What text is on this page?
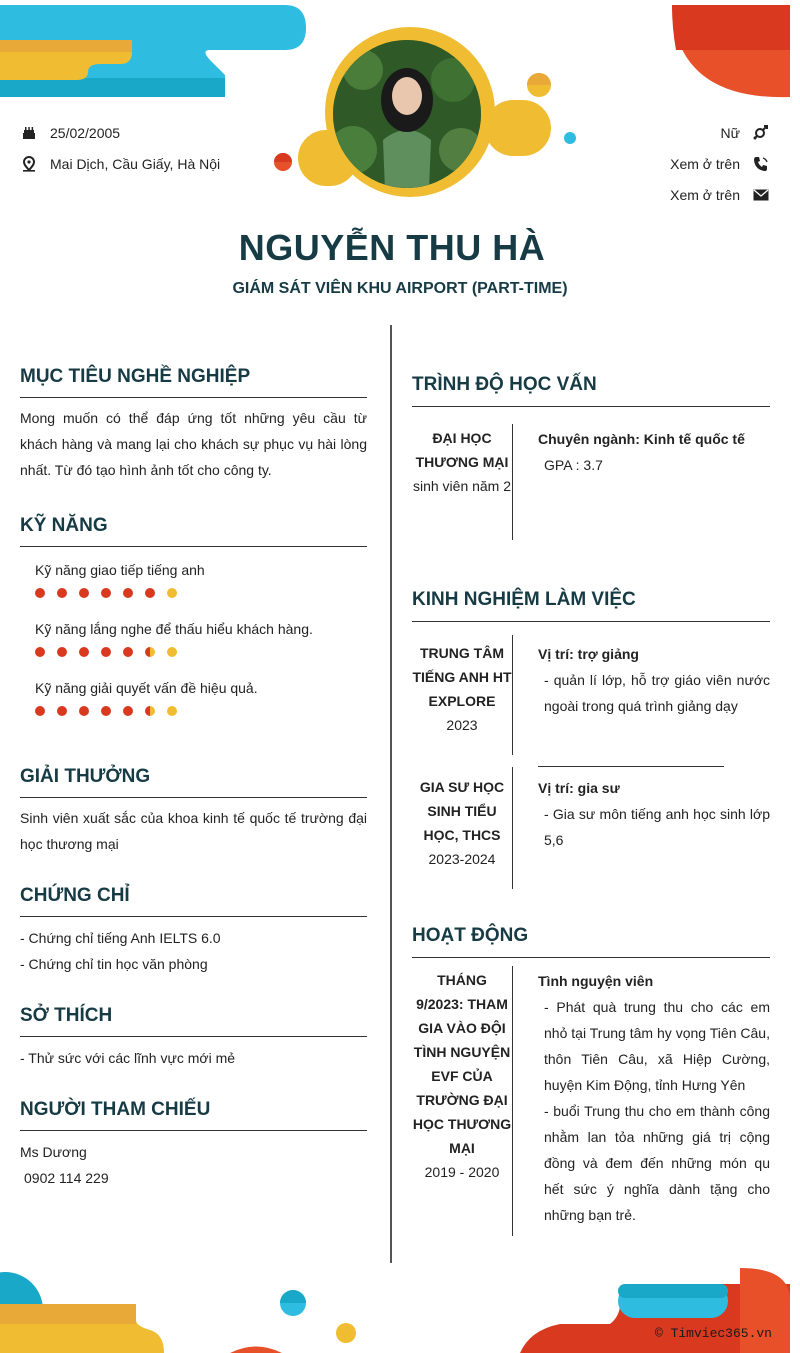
25/02/2005
Mai Dịch, Cầu Giấy, Hà Nội
Nữ
Xem ở trên
Xem ở trên
NGUYỄN THU HÀ
GIÁM SÁT VIÊN KHU AIRPORT (PART-TIME)
MỤC TIÊU NGHỀ NGHIỆP
Mong muốn có thể đáp ứng tốt những yêu cầu từ khách hàng và mang lại cho khách sự phục vụ hài lòng nhất. Từ đó tạo hình ảnh tốt cho công ty.
KỸ NĂNG
Kỹ năng giao tiếp tiếng anh
Kỹ năng lắng nghe để thấu hiểu khách hàng.
Kỹ năng giải quyết vấn đề hiệu quả.
GIẢI THƯỞNG
Sinh viên xuất sắc của khoa kinh tế quốc tế trường đại học thương mại
CHỨNG CHỈ
- Chứng chỉ tiếng Anh IELTS 6.0
- Chứng chỉ tin học văn phòng
SỞ THÍCH
- Thử sức với các lĩnh vực mới mẻ
NGƯỜI THAM CHIẾU
Ms Dương
0902 114 229
TRÌNH ĐỘ HỌC VẤN
ĐẠI HỌC THƯƠNG MẠI
sinh viên năm 2
Chuyên ngành: Kinh tế quốc tế
GPA : 3.7
KINH NGHIỆM LÀM VIỆC
TRUNG TÂM TIẾNG ANH HT EXPLORE
2023
Vị trí: trợ giảng
- quản lí lớp, hỗ trợ giáo viên nước ngoài trong quá trình giảng dạy
GIA SƯ HỌC SINH TIỂU HỌC, THCS
2023-2024
Vị trí: gia sư
- Gia sư môn tiếng anh học sinh lớp 5,6
HOẠT ĐỘNG
THÁNG 9/2023: THAM GIA VÀO ĐỘI TÌNH NGUYỆN EVF CỦA TRƯỜNG ĐẠI HỌC THƯƠNG MẠI
2019 - 2020
Tình nguyện viên
- Phát quà trung thu cho các em nhỏ tại Trung tâm hy vọng Tiên Câu, thôn Tiên Câu, xã Hiệp Cường, huyện Kim Động, tỉnh Hưng Yên
- buổi Trung thu cho em thành công nhằm lan tỏa những giá trị cộng đồng và đem đến những món qu hết sức ý nghĩa dành tặng cho những bạn trẻ.
© Timviec365.vn
